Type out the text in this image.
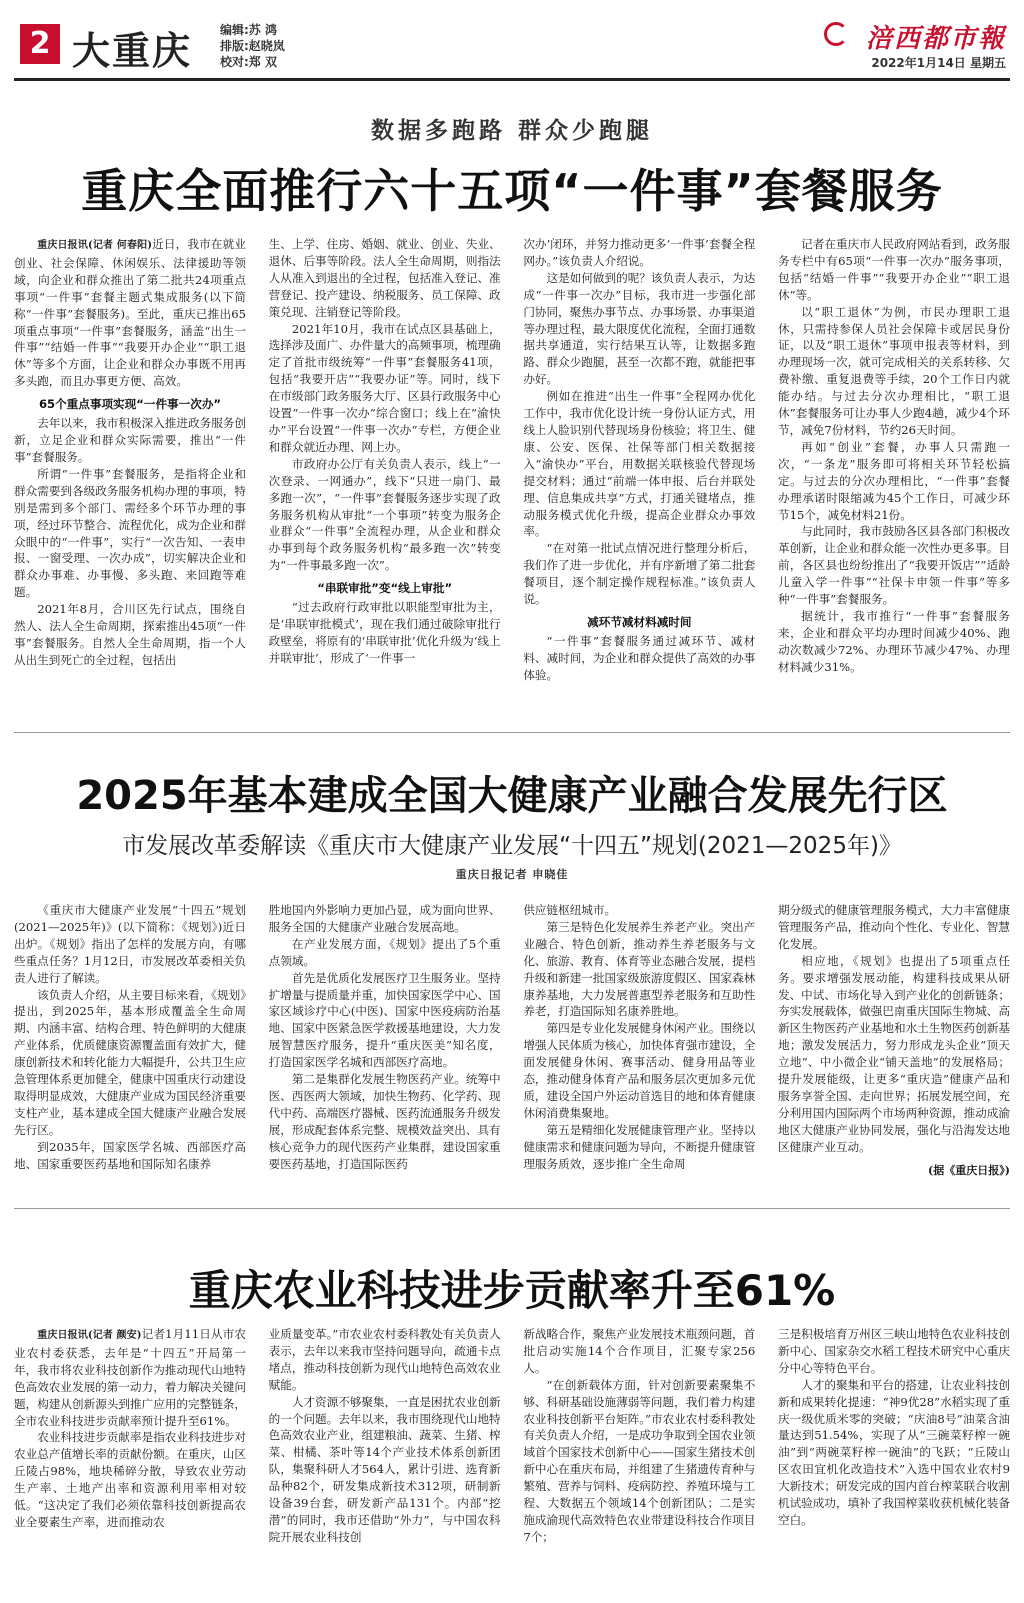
2 大重庆 编辑:苏 鸿
排版:赵晓岚
校对:郑 双
涪西都市報
2022年1月14日 星期五
数据多跑路 群众少跑腿
重庆全面推行六十五项“一件事”套餐服务

重庆日报讯(记者 何春阳)近日，我市在就业创业、社会保障、休闲娱乐、法律援助等领域，向企业和群众推出了第二批共24项重点事项“一件事”套餐主题式集成服务(以下简称“一件事”套餐服务)。至此，重庆已推出65项重点事项“一件事”套餐服务，涵盖“出生一件事”“结婚一件事”“我要开办企业”“职工退休”等多个方面，让企业和群众办事既不用再多头跑，而且办事更方便、高效。

65个重点事项实现“一件事一次办”

去年以来，我市积极深入推进政务服务创新，立足企业和群众实际需要，推出“一件事”套餐服务。

所谓“一件事”套餐服务，是指将企业和群众需要到各级政务服务机构办理的事项，特别是需到多个部门、需经多个环节办理的事项，经过环节整合、流程优化，成为企业和群众眼中的“一件事”，实行“一次告知、一表申报、一窗受理、一次办成”，切实解决企业和群众办事难、办事慢、多头跑、来回跑等难题。

2021年8月，合川区先行试点，围绕自然人、法人全生命周期，探索推出45项“一件事”套餐服务。自然人全生命周期，指一个人从出生到死亡的全过程，包括出

生、上学、住房、婚姻、就业、创业、失业、退休、后事等阶段。法人全生命周期，则指法人从准入到退出的全过程，包括准入登记、准营登记、投产建设、纳税服务、员工保障、政策兑现、注销登记等阶段。

2021年10月，我市在试点区县基础上，选择涉及面广、办件量大的高频事项，梳理确定了首批市级统筹“一件事”套餐服务41项，包括“我要开店”“我要办证”等。同时，线下在市级部门政务服务大厅、区县行政服务中心设置“一件事一次办”综合窗口；线上在“渝快办”平台设置“一件事一次办”专栏，方便企业和群众就近办理、网上办。

市政府办公厅有关负责人表示，线上“一次登录、一网通办”，线下“只进一扇门、最多跑一次”，“一件事”套餐服务逐步实现了政务服务机构从审批“一个事项”转变为服务企业群众“一件事”全流程办理，从企业和群众办事到每个政务服务机构“最多跑一次”转变为“一件事最多跑一次”。

“串联审批”变“线上审批”

“过去政府行政审批以职能型审批为主，是‘串联审批模式’，现在我们通过破除审批行政壁垒，将原有的‘串联审批’优化升级为‘线上并联审批’，形成了‘一件事一

次办’闭环，并努力推动更多‘一件事’套餐全程网办。”该负责人介绍说。

这是如何做到的呢？该负责人表示，为达成“一件事一次办”目标，我市进一步强化部门协同，聚焦办事节点、办事场景、办事渠道等办理过程，最大限度优化流程，全面打通数据共享通道，实行结果互认等，让数据多跑路、群众少跑腿，甚至一次都不跑，就能把事办好。

例如在推进“出生一件事”全程网办优化工作中，我市优化设计统一身份认证方式，用线上人脸识别代替现场身份核验；将卫生、健康、公安、医保、社保等部门相关数据接入“渝快办”平台，用数据关联核验代替现场提交材料；通过“前端一体申报、后台并联处理、信息集成共享”方式，打通关键堵点，推动服务模式优化升级，提高企业群众办事效率。

“在对第一批试点情况进行整理分析后，我们作了进一步优化，并有序新增了第二批套餐项目，逐个制定操作规程标准。”该负责人说。

减环节减材料减时间

“一件事”套餐服务通过减环节、减材料、减时间，为企业和群众提供了高效的办事体验。

记者在重庆市人民政府网站看到，政务服务专栏中有65项“一件事一次办”服务事项，包括“结婚一件事”“我要开办企业”“职工退休”等。

以“职工退休”为例，市民办理职工退休，只需持参保人员社会保障卡或居民身份证，以及“职工退休”事项申报表等材料，到办理现场一次，就可完成相关的关系转移、欠费补缴、重复退费等手续，20个工作日内就能办结。与过去分次办理相比，“职工退休”套餐服务可让办事人少跑4趟，减少4个环节，减免7份材料，节约26天时间。

再如“创业”套餐，办事人只需跑一次，“一条龙”服务即可将相关环节轻松搞定。与过去的分次办理相比，“一件事”套餐办理承诺时限缩减为45个工作日，可减少环节15个，减免材料21份。

与此同时，我市鼓励各区县各部门积极改革创新，让企业和群众能一次性办更多事。目前，各区县也纷纷推出了“我要开饭店”“适龄儿童入学一件事”“社保卡申领一件事”等多种“一件事”套餐服务。

据统计，我市推行“一件事”套餐服务来，企业和群众平均办理时间减少40%、跑动次数减少72%、办理环节减少47%、办理材料减少31%。

2025年基本建成全国大健康产业融合发展先行区
市发展改革委解读《重庆市大健康产业发展“十四五”规划(2021—2025年)》
重庆日报记者 申晓佳

《重庆市大健康产业发展“十四五”规划(2021—2025年)》(以下简称：《规划》)近日出炉。《规划》指出了怎样的发展方向，有哪些重点任务？1月12日，市发展改革委相关负责人进行了解读。

该负责人介绍，从主要目标来看，《规划》提出，到2025年，基本形成覆盖全生命周期、内涵丰富、结构合理、特色鲜明的大健康产业体系，优质健康资源覆盖面有效扩大，健康创新技术和转化能力大幅提升，公共卫生应急管理体系更加健全，健康中国重庆行动建设取得明显成效，大健康产业成为国民经济重要支柱产业，基本建成全国大健康产业融合发展先行区。

到2035年，国家医学名城、西部医疗高地、国家重要医药基地和国际知名康养

胜地国内外影响力更加凸显，成为面向世界、服务全国的大健康产业融合发展高地。

在产业发展方面，《规划》提出了5个重点领域。

首先是优质化发展医疗卫生服务业。坚持扩增量与提质量并重，加快国家医学中心、国家区域诊疗中心(中医)、国家中医疫病防治基地、国家中医紧急医学救援基地建设，大力发展智慧医疗服务，提升“重庆医美”知名度，打造国家医学名城和西部医疗高地。

第二是集群化发展生物医药产业。统筹中医、西医两大领域，加快生物药、化学药、现代中药、高端医疗器械、医药流通服务升级发展，形成配套体系完整、规模效益突出、具有核心竞争力的现代医药产业集群，建设国家重要医药基地，打造国际医药

供应链枢纽城市。

第三是特色化发展养生养老产业。突出产业融合、特色创新，推动养生养老服务与文化、旅游、教育、体育等业态融合发展，提档升级和新建一批国家级旅游度假区、国家森林康养基地，大力发展普惠型养老服务和互助性养老，打造国际知名康养胜地。

第四是专业化发展健身休闲产业。围绕以增强人民体质为核心，加快体育强市建设，全面发展健身休闲、赛事活动、健身用品等业态，推动健身体育产品和服务层次更加多元优质，建设全国户外运动首选目的地和体育健康休闲消费集聚地。

第五是精细化发展健康管理产业。坚持以健康需求和健康问题为导向，不断提升健康管理服务质效，逐步推广全生命周

期分级式的健康管理服务模式，大力丰富健康管理服务产品，推动向个性化、专业化、智慧化发展。

相应地，《规划》也提出了5项重点任务。要求增强发展动能，构建科技成果从研发、中试、市场化导入到产业化的创新链条；夯实发展载体，做强巴南重庆国际生物城、高新区生物医药产业基地和水土生物医药创新基地；激发发展活力，努力形成龙头企业“顶天立地”、中小微企业“铺天盖地”的发展格局；提升发展能级，让更多“重庆造”健康产品和服务享誉全国、走向世界；拓展发展空间，充分利用国内国际两个市场两种资源，推动成渝地区大健康产业协同发展，强化与沿海发达地区健康产业互动。

(据《重庆日报》)
重庆农业科技进步贡献率升至61%

重庆日报讯(记者 颜安)记者1月11日从市农业农村委获悉，去年是“十四五”开局第一年，我市将农业科技创新作为推动现代山地特色高效农业发展的第一动力，着力解决关键问题，构建从创新源头到推广应用的完整链条，全市农业科技进步贡献率预计提升至61%。

农业科技进步贡献率是指农业科技进步对农业总产值增长率的贡献份额。在重庆，山区丘陵占98%，地块稀碎分散，导致农业劳动生产率、土地产出率和资源利用率相对较低。“这决定了我们必须依靠科技创新提高农业全要素生产率，进而推动农

业质量变革。”市农业农村委科教处有关负责人表示，去年以来我市坚持问题导向，疏通卡点堵点，推动科技创新为现代山地特色高效农业赋能。

人才资源不够聚集，一直是困扰农业创新的一个问题。去年以来，我市围绕现代山地特色高效农业产业，组建粮油、蔬菜、生猪、榨菜、柑橘、茶叶等14个产业技术体系创新团队，集聚科研人才564人，累计引进、选育新品种82个，研发集成新技术312项，研制新设备39台套，研发新产品131个。内部“挖潜”的同时，我市还借助“外力”，与中国农科院开展农业科技创

新战略合作，聚焦产业发展技术瓶颈问题，首批启动实施14个合作项目，汇聚专家256人。

“在创新载体方面，针对创新要素聚集不够、科研基础设施薄弱等问题，我们着力构建农业科技创新平台矩阵。”市农业农村委科教处有关负责人介绍，一是成功争取到全国农业领域首个国家技术创新中心——国家生猪技术创新中心在重庆布局，并组建了生猪遗传育种与繁殖、营养与饲料、疫病防控、养殖环境与工程、大数据五个领域14个创新团队；二是实施成渝现代高效特色农业带建设科技合作项目7个；

三是积极培育万州区三峡山地特色农业科技创新中心、国家杂交水稻工程技术研究中心重庆分中心等特色平台。

人才的聚集和平台的搭建，让农业科技创新和成果转化提速：“神9优28”水稻实现了重庆一级优质米零的突破；“庆油8号”油菜含油量达到51.54%，实现了从“三碗菜籽榨一碗油”到“两碗菜籽榨一碗油”的飞跃；“丘陵山区农田宜机化改造技术”入选中国农业农村9大新技术；研发完成的国内首台榨菜联合收割机试验成功，填补了我国榨菜收获机械化装备空白。
